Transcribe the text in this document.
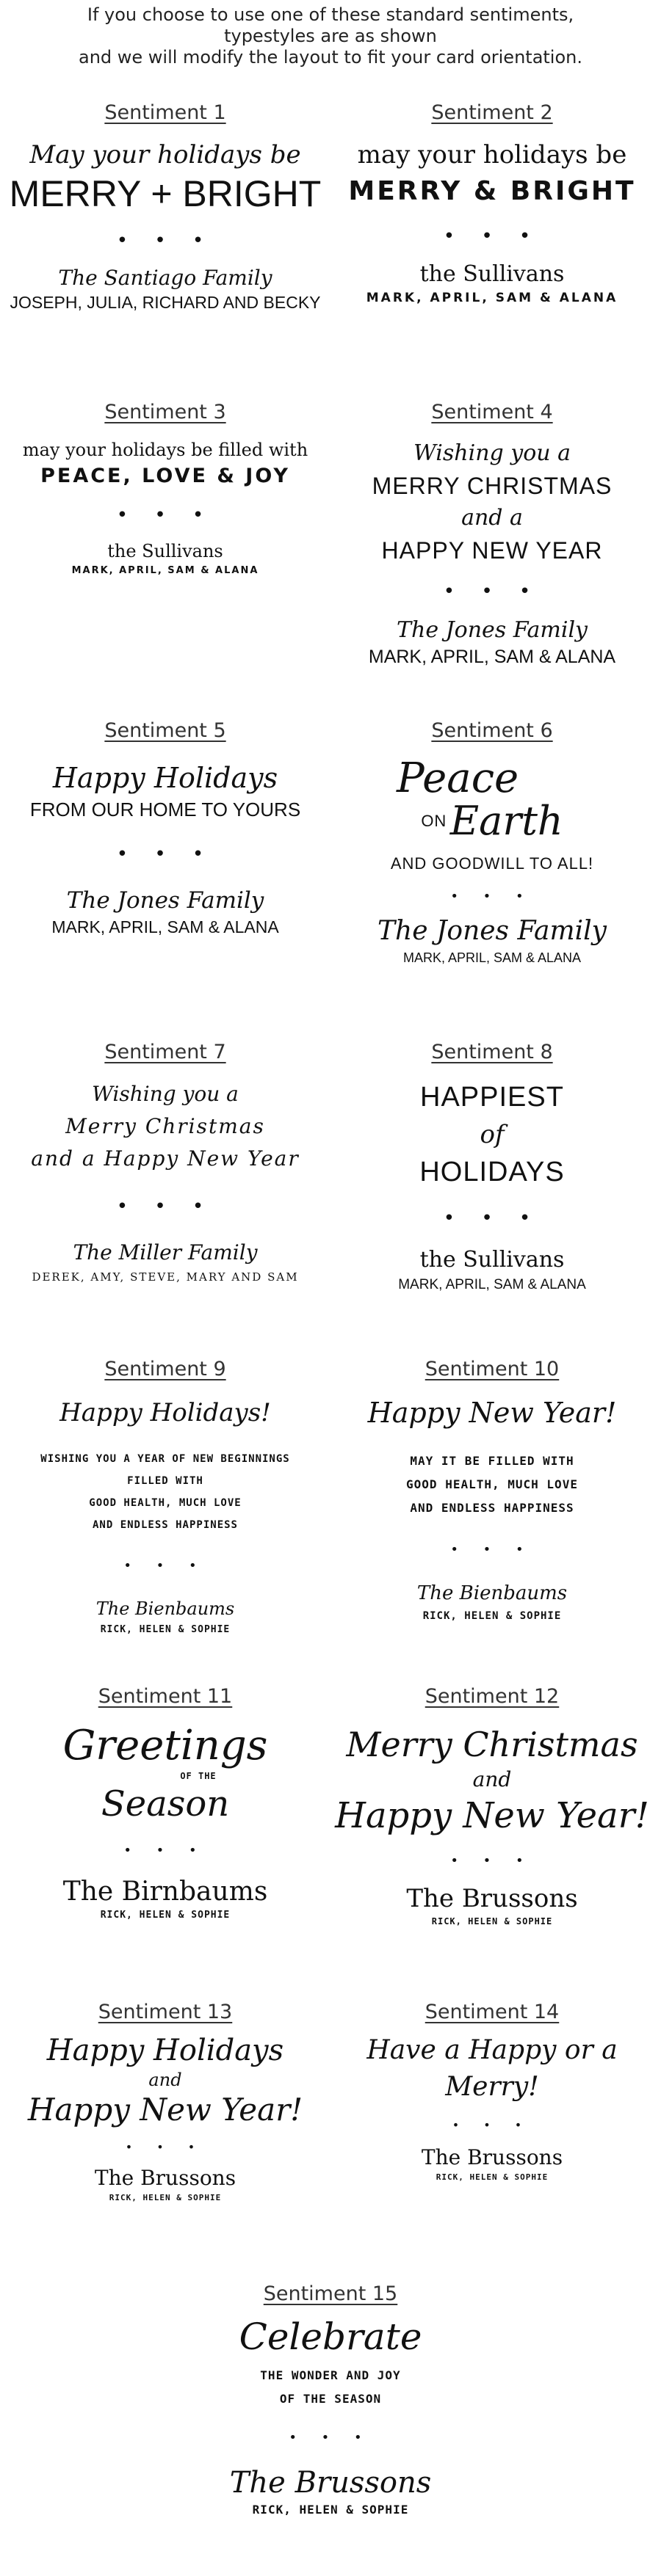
If you choose to use one of these standard sentiments,
typestyles are as shown
and we will modify the layout to fit your card orientation.
Sentiment 1
May your holidays be
MERRY + BRIGHT
• • •
The Santiago Family
JOSEPH, JULIA, RICHARD AND BECKY
Sentiment 2
may your holidays be
MERRY & BRIGHT
• • •
the Sullivans
MARK, APRIL, SAM & ALANA
Sentiment 3
may your holidays be filled with
PEACE, LOVE & JOY
• • •
the Sullivans
MARK, APRIL, SAM & ALANA
Sentiment 4
Wishing you a
MERRY CHRISTMAS
and a
HAPPY NEW YEAR
• • •
The Jones Family
MARK, APRIL, SAM & ALANA
Sentiment 5
Happy Holidays
FROM OUR HOME TO YOURS
• • •
The Jones Family
MARK, APRIL, SAM & ALANA
Sentiment 6
Peace
ON Earth
AND GOODWILL TO ALL!
• • •
The Jones Family
MARK, APRIL, SAM & ALANA
Sentiment 7
Wishing you a
Merry Christmas
and a Happy New Year
• • •
The Miller Family
DEREK, AMY, STEVE, MARY AND SAM
Sentiment 8
HAPPIEST
of
HOLIDAYS
• • •
the Sullivans
MARK, APRIL, SAM & ALANA
Sentiment 9
Happy Holidays!
WISHING YOU A YEAR OF NEW BEGINNINGS
FILLED WITH
GOOD HEALTH, MUCH LOVE
AND ENDLESS HAPPINESS
• • •
The Bienbaums
RICK, HELEN & SOPHIE
Sentiment 10
Happy New Year!
MAY IT BE FILLED WITH
GOOD HEALTH, MUCH LOVE
AND ENDLESS HAPPINESS
• • •
The Bienbaums
RICK, HELEN & SOPHIE
Sentiment 11
Greetings
OF THE
Season
• • •
The Birnbaums
RICK, HELEN & SOPHIE
Sentiment 12
Merry Christmas
and
Happy New Year!
• • •
The Brussons
RICK, HELEN & SOPHIE
Sentiment 13
Happy Holidays
and
Happy New Year!
• • •
The Brussons
RICK, HELEN & SOPHIE
Sentiment 14
Have a Happy or a Merry!
• • •
The Brussons
RICK, HELEN & SOPHIE
Sentiment 15
Celebrate
THE WONDER AND JOY
OF THE SEASON
• • •
The Brussons
RICK, HELEN & SOPHIE
